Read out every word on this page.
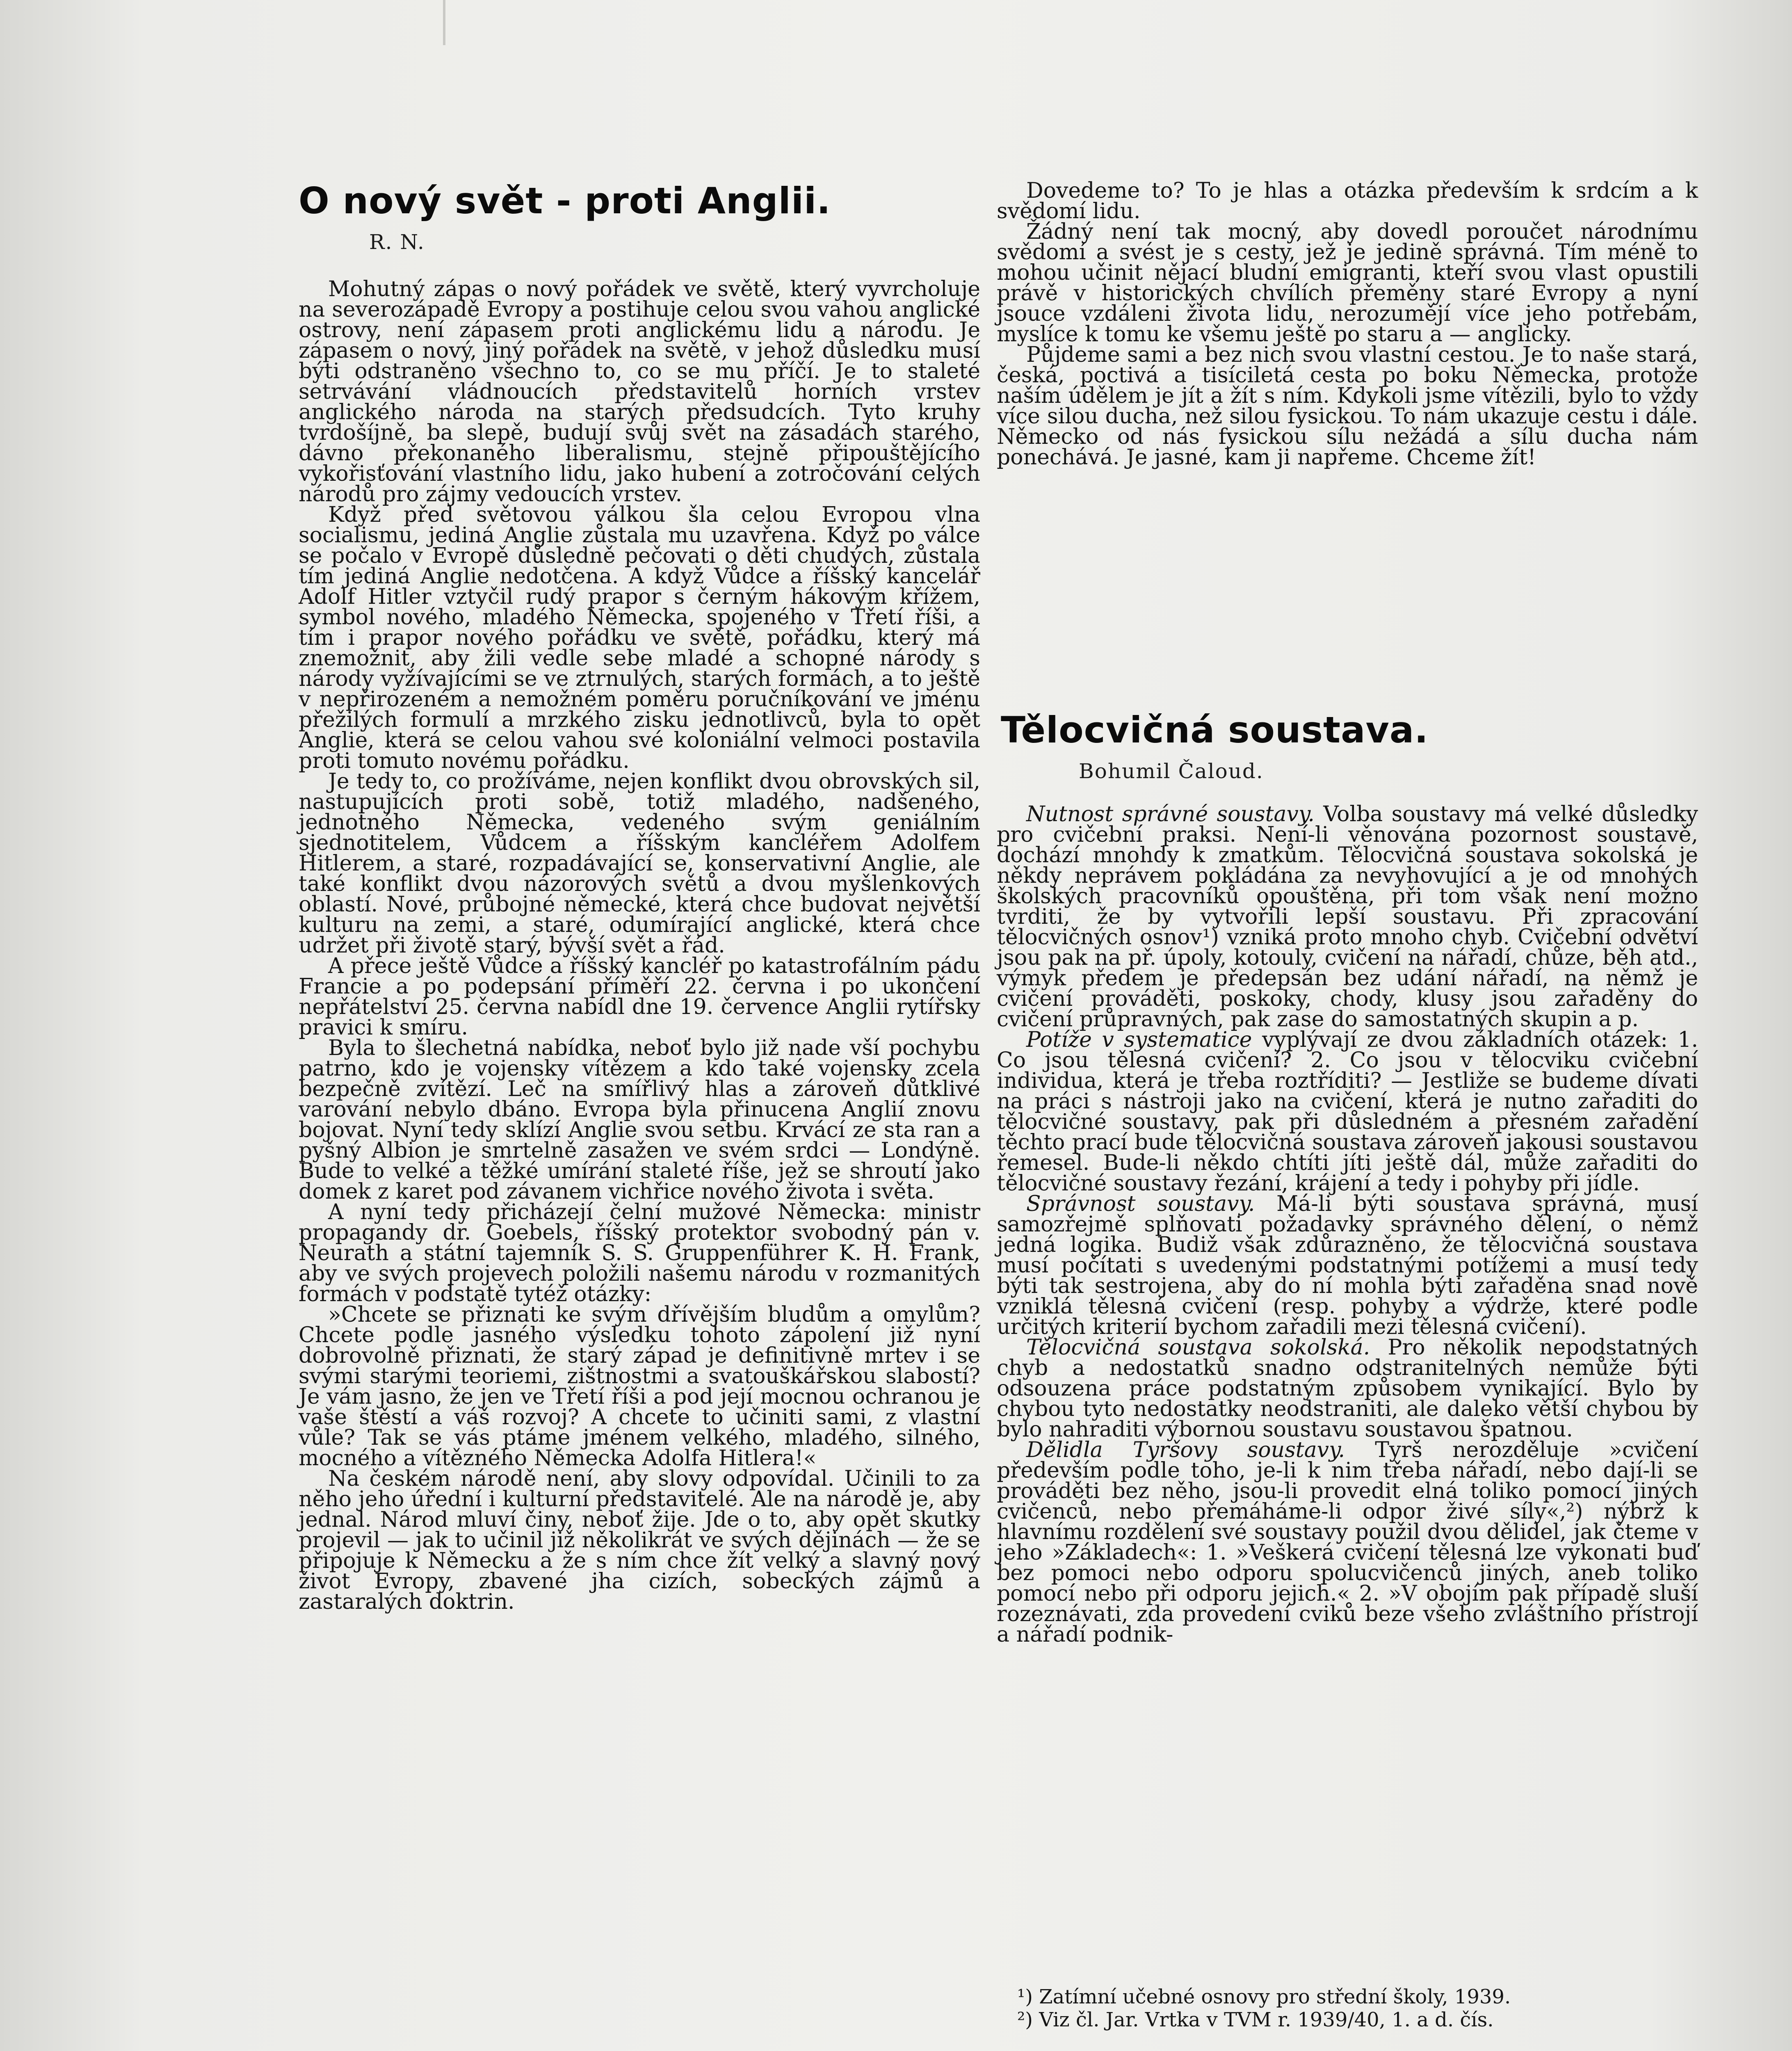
O nový svět - proti Anglii.
R. N.

Mohutný zápas o nový pořádek ve světě, který vyvrcholuje na severozápadě Evropy a postihuje celou svou vahou anglické ostrovy, není zápasem proti anglickému lidu a národu. Je zápasem o nový, jiný pořádek na světě, v jehož důsledku musí býti odstraněno všechno to, co se mu příčí. Je to staleté setrvávání vládnoucích představitelů horních vrstev anglického národa na starých předsudcích. Tyto kruhy tvrdošíjně, ba slepě, budují svůj svět na zásadách starého, dávno překonaného liberalismu, stejně připouštějícího vykořisťování vlastního lidu, jako hubení a zotročování celých národů pro zájmy vedoucích vrstev.

Když před světovou válkou šla celou Evropou vlna socialismu, jediná Anglie zůstala mu uzavřena. Když po válce se počalo v Evropě důsledně pečovati o děti chudých, zůstala tím jediná Anglie nedotčena. A když Vůdce a říšský kancelář Adolf Hitler vztyčil rudý prapor s černým hákovým křížem, symbol nového, mladého Německa, spojeného v Třetí říši, a tím i prapor nového pořádku ve světě, pořádku, který má znemožnit, aby žili vedle sebe mladé a schopné národy s národy vyžívajícími se ve ztrnulých, starých formách, a to ještě v nepřirozeném a nemožném poměru poručníkování ve jménu přežilých formulí a mrzkého zisku jednotlivců, byla to opět Anglie, která se celou vahou své koloniální velmoci postavila proti tomuto novému pořádku.

Je tedy to, co prožíváme, nejen konflikt dvou obrovských sil, nastupujících proti sobě, totiž mladého, nadšeného, jednotného Německa, vedeného svým geniálním sjednotitelem, Vůdcem a říšským kancléřem Adolfem Hitlerem, a staré, rozpadávající se, konservativní Anglie, ale také konflikt dvou názorových světů a dvou myšlenkových oblastí. Nové, průbojné německé, která chce budovat největší kulturu na zemi, a staré, odumírající anglické, která chce udržet při životě starý, bývší svět a řád.

A přece ještě Vůdce a říšský kancléř po katastrofálním pádu Francie a po podepsání příměří 22. června i po ukončení nepřátelství 25. června nabídl dne 19. července Anglii rytířsky pravici k smíru.

Byla to šlechetná nabídka, neboť bylo již nade vší pochybu patrno, kdo je vojensky vítězem a kdo také vojensky zcela bezpečně zvítězí. Leč na smířlivý hlas a zároveň důtklivé varování nebylo dbáno. Evropa byla přinucena Anglií znovu bojovat. Nyní tedy sklízí Anglie svou setbu. Krvácí ze sta ran a pyšný Albion je smrtelně zasažen ve svém srdci — Londýně. Bude to velké a těžké umírání staleté říše, jež se shroutí jako domek z karet pod závanem vichřice nového života i světa.

A nyní tedy přicházejí čelní mužové Německa: ministr propagandy dr. Goebels, říšský protektor svobodný pán v. Neurath a státní tajemník S. S. Gruppenführer K. H. Frank, aby ve svých projevech položili našemu národu v rozmanitých formách v podstatě tytéž otázky:

»Chcete se přiznati ke svým dřívějším bludům a omylům? Chcete podle jasného výsledku tohoto zápolení již nyní dobrovolně přiznati, že starý západ je definitivně mrtev i se svými starými teoriemi, zištnostmi a svatouškářskou slabostí? Je vám jasno, že jen ve Třetí říši a pod její mocnou ochranou je vaše štěstí a váš rozvoj? A chcete to učiniti sami, z vlastní vůle? Tak se vás ptáme jménem velkého, mladého, silného, mocného a vítězného Německa Adolfa Hitlera!«

Na českém národě není, aby slovy odpovídal. Učinili to za něho jeho úřední i kulturní představitelé. Ale na národě je, aby jednal. Národ mluví činy, neboť žije. Jde o to, aby opět skutky projevil — jak to učinil již několikrát ve svých dějinách — že se připojuje k Německu a že s ním chce žít velký a slavný nový život Evropy, zbavené jha cizích, sobeckých zájmů a zastaralých doktrin.

Dovedeme to? To je hlas a otázka především k srdcím a k svědomí lidu.

Žádný není tak mocný, aby dovedl poroučet národnímu svědomí a svést je s cesty, jež je jedině správná. Tím méně to mohou učinit nějací bludní emigranti, kteří svou vlast opustili právě v historických chvílích přeměny staré Evropy a nyní jsouce vzdáleni života lidu, nerozumějí více jeho potřebám, myslíce k tomu ke všemu ještě po staru a — anglicky.

Půjdeme sami a bez nich svou vlastní cestou. Je to naše stará, česká, poctivá a tisíciletá cesta po boku Německa, protože naším údělem je jít a žít s ním. Kdykoli jsme vítězili, bylo to vždy více silou ducha, než silou fysickou. To nám ukazuje cestu i dále. Německo od nás fysickou sílu nežádá a sílu ducha nám ponechává. Je jasné, kam ji napřeme. Chceme žít!

Tělocvičná soustava.
Bohumil Čaloud.

Nutnost správné soustavy. Volba soustavy má velké důsledky pro cvičební praksi. Není-li věnována pozornost soustavě, dochází mnohdy k zmatkům. Tělocvičná soustava sokolská je někdy neprávem pokládána za nevyhovující a je od mnohých školských pracovníků opouštěna, při tom však není možno tvrditi, že by vytvořili lepší soustavu. Při zpracování tělocvičných osnov¹) vzniká proto mnoho chyb. Cvičební odvětví jsou pak na př. úpoly, kotouly, cvičení na nářadí, chůze, běh atd., výmyk předem je předepsán bez udání nářadí, na němž je cvičení prováděti, poskoky, chody, klusy jsou zařaděny do cvičení průpravných, pak zase do samostatných skupin a p.

Potíže v systematice vyplývají ze dvou základních otázek: 1. Co jsou tělesná cvičení? 2. Co jsou v tělocviku cvičební individua, která je třeba roztříditi? — Jestliže se budeme dívati na práci s nástroji jako na cvičení, která je nutno zařaditi do tělocvičné soustavy, pak při důsledném a přesném zařadění těchto prací bude tělocvičná soustava zároveň jakousi soustavou řemesel. Bude-li někdo chtíti jíti ještě dál, může zařaditi do tělocvičné soustavy řezání, krájení a tedy i pohyby při jídle.

Správnost soustavy. Má-li býti soustava správná, musí samozřejmě splňovati požadavky správného dělení, o němž jedná logika. Budiž však zdůrazněno, že tělocvičná soustava musí počítati s uvedenými podstatnými potížemi a musí tedy býti tak sestrojena, aby do ní mohla býti zařaděna snad nově vzniklá tělesná cvičení (resp. pohyby a výdrže, které podle určitých kriterií bychom zařadili mezi tělesná cvičení).

Tělocvičná soustava sokolská. Pro několik nepodstatných chyb a nedostatků snadno odstranitelných nemůže býti odsouzena práce podstatným způsobem vynikající. Bylo by chybou tyto nedostatky neodstraniti, ale daleko větší chybou by bylo nahraditi výbornou soustavu soustavou špatnou.

Dělidla Tyršovy soustavy. Tyrš nerozděluje »cvičení především podle toho, je-li k nim třeba nářadí, nebo dají-li se prováděti bez něho, jsou-li provedit elná toliko pomocí jiných cvičenců, nebo přemáháme-li odpor živé síly«,²) nýbrž k hlavnímu rozdělení své soustavy použil dvou dělidel, jak čteme v jeho »Základech«: 1. »Veškerá cvičení tělesná lze vykonati buď bez pomoci nebo odporu spolucvičenců jiných, aneb toliko pomocí nebo při odporu jejich.« 2. »V obojím pak případě sluší rozeznávati, zda provedení cviků beze všeho zvláštního přístrojí a nářadí podnik-

¹) Zatímní učebné osnovy pro střední školy, 1939.

²) Viz čl. Jar. Vrtka v TVM r. 1939/40, 1. a d. čís.
